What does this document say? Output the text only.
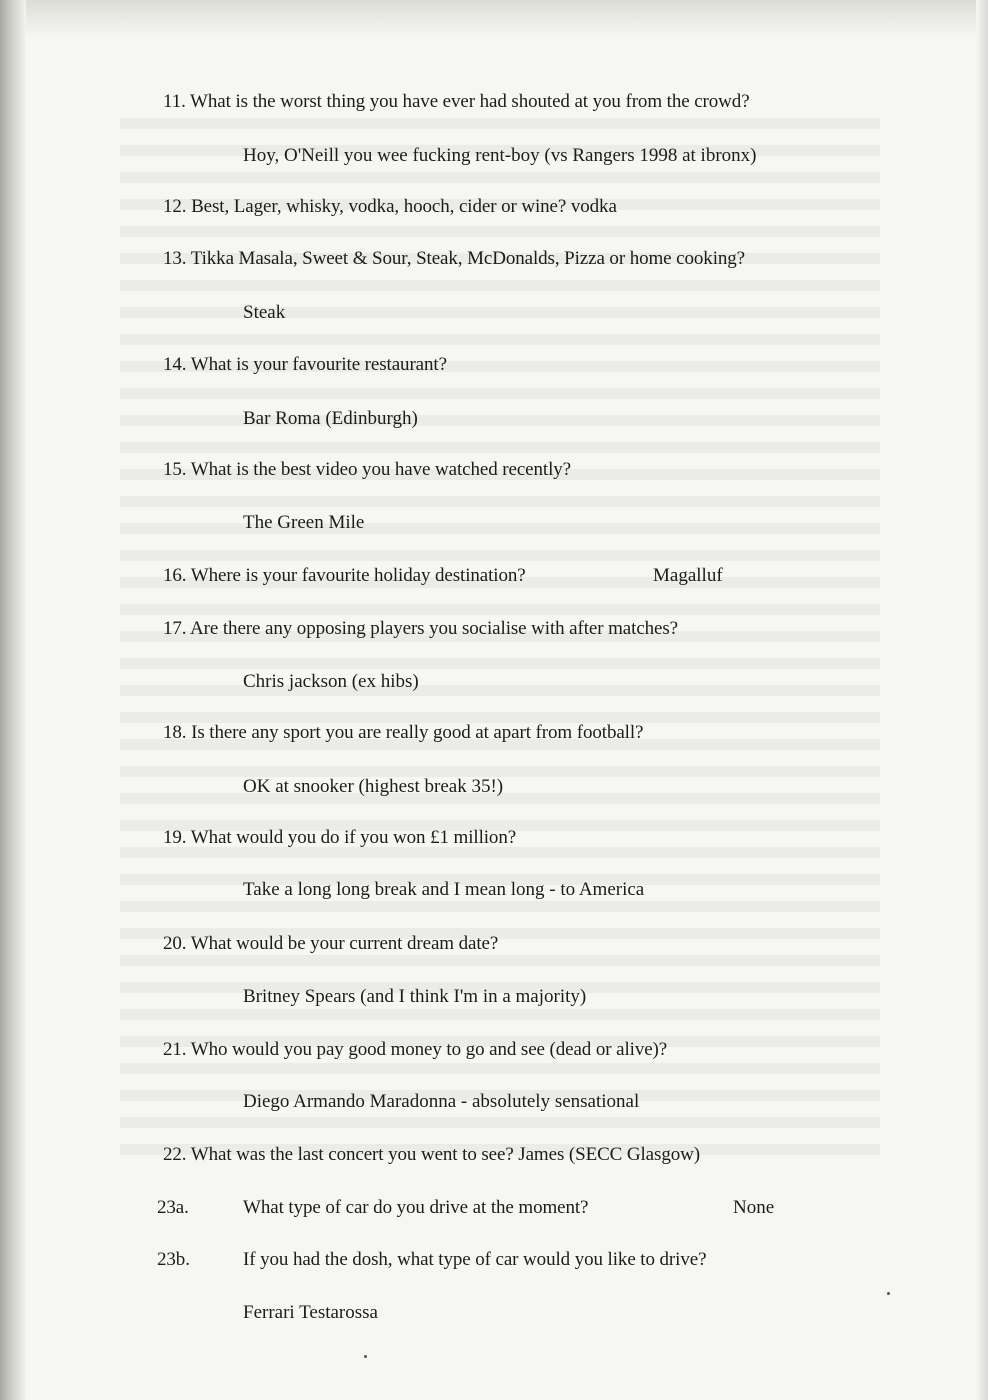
11. What is the worst thing you have ever had shouted at you from the crowd?
Hoy, O'Neill you wee fucking rent-boy (vs Rangers 1998 at ibronx)
12. Best, Lager, whisky, vodka, hooch, cider or wine? vodka
13. Tikka Masala, Sweet & Sour, Steak, McDonalds, Pizza or home cooking?
Steak
14. What is your favourite restaurant?
Bar Roma (Edinburgh)
15. What is the best video you have watched recently?
The Green Mile
16. Where is your favourite holiday destination?	Magalluf
17. Are there any opposing players you socialise with after matches?
Chris jackson (ex hibs)
18. Is there any sport you are really good at apart from football?
OK at snooker (highest break 35!)
19. What would you do if you won £1 million?
Take a long long break and I mean long - to America
20. What would be your current dream date?
Britney Spears (and I think I'm in a majority)
21. Who would you pay good money to go and see (dead or alive)?
Diego Armando Maradonna - absolutely sensational
22. What was the last concert you went to see? James (SECC Glasgow)
23a.	What type of car do you drive at the moment?	None
23b.	If you had the dosh, what type of car would you like to drive?
Ferrari Testarossa
